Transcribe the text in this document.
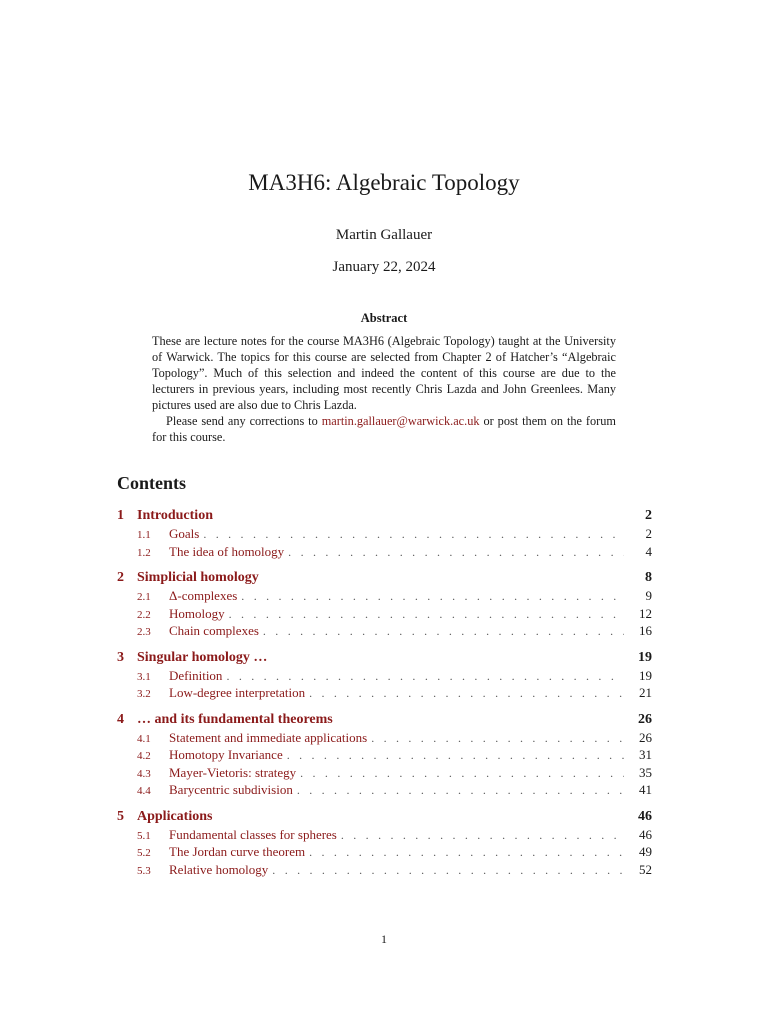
MA3H6: Algebraic Topology
Martin Gallauer
January 22, 2024
Abstract

These are lecture notes for the course MA3H6 (Algebraic Topology) taught at the University of Warwick. The topics for this course are selected from Chapter 2 of Hatcher’s “Algebraic Topology”. Much of this selection and indeed the content of this course are due to the lecturers in previous years, including most recently Chris Lazda and John Greenlees. Many pictures used are also due to Chris Lazda.

Please send any corrections to martin.gallauer@warwick.ac.uk or post them on the forum for this course.

Contents
1 Introduction	2
1.1	Goals . . .	2
1.2	The idea of homology . . .	4
2 Simplicial homology	8
2.1	Δ-complexes . . .	9
2.2	Homology . . .	12
2.3	Chain complexes . . .	16
3 Singular homology …	19
3.1	Definition . . .	19
3.2	Low-degree interpretation . . .	21
4 … and its fundamental theorems	26
4.1	Statement and immediate applications . . .	26
4.2	Homotopy Invariance . . .	31
4.3	Mayer-Vietoris: strategy . . .	35
4.4	Barycentric subdivision . . .	41
5 Applications	46
5.1	Fundamental classes for spheres . . .	46
5.2	The Jordan curve theorem . . .	49
5.3	Relative homology . . .	52
1
